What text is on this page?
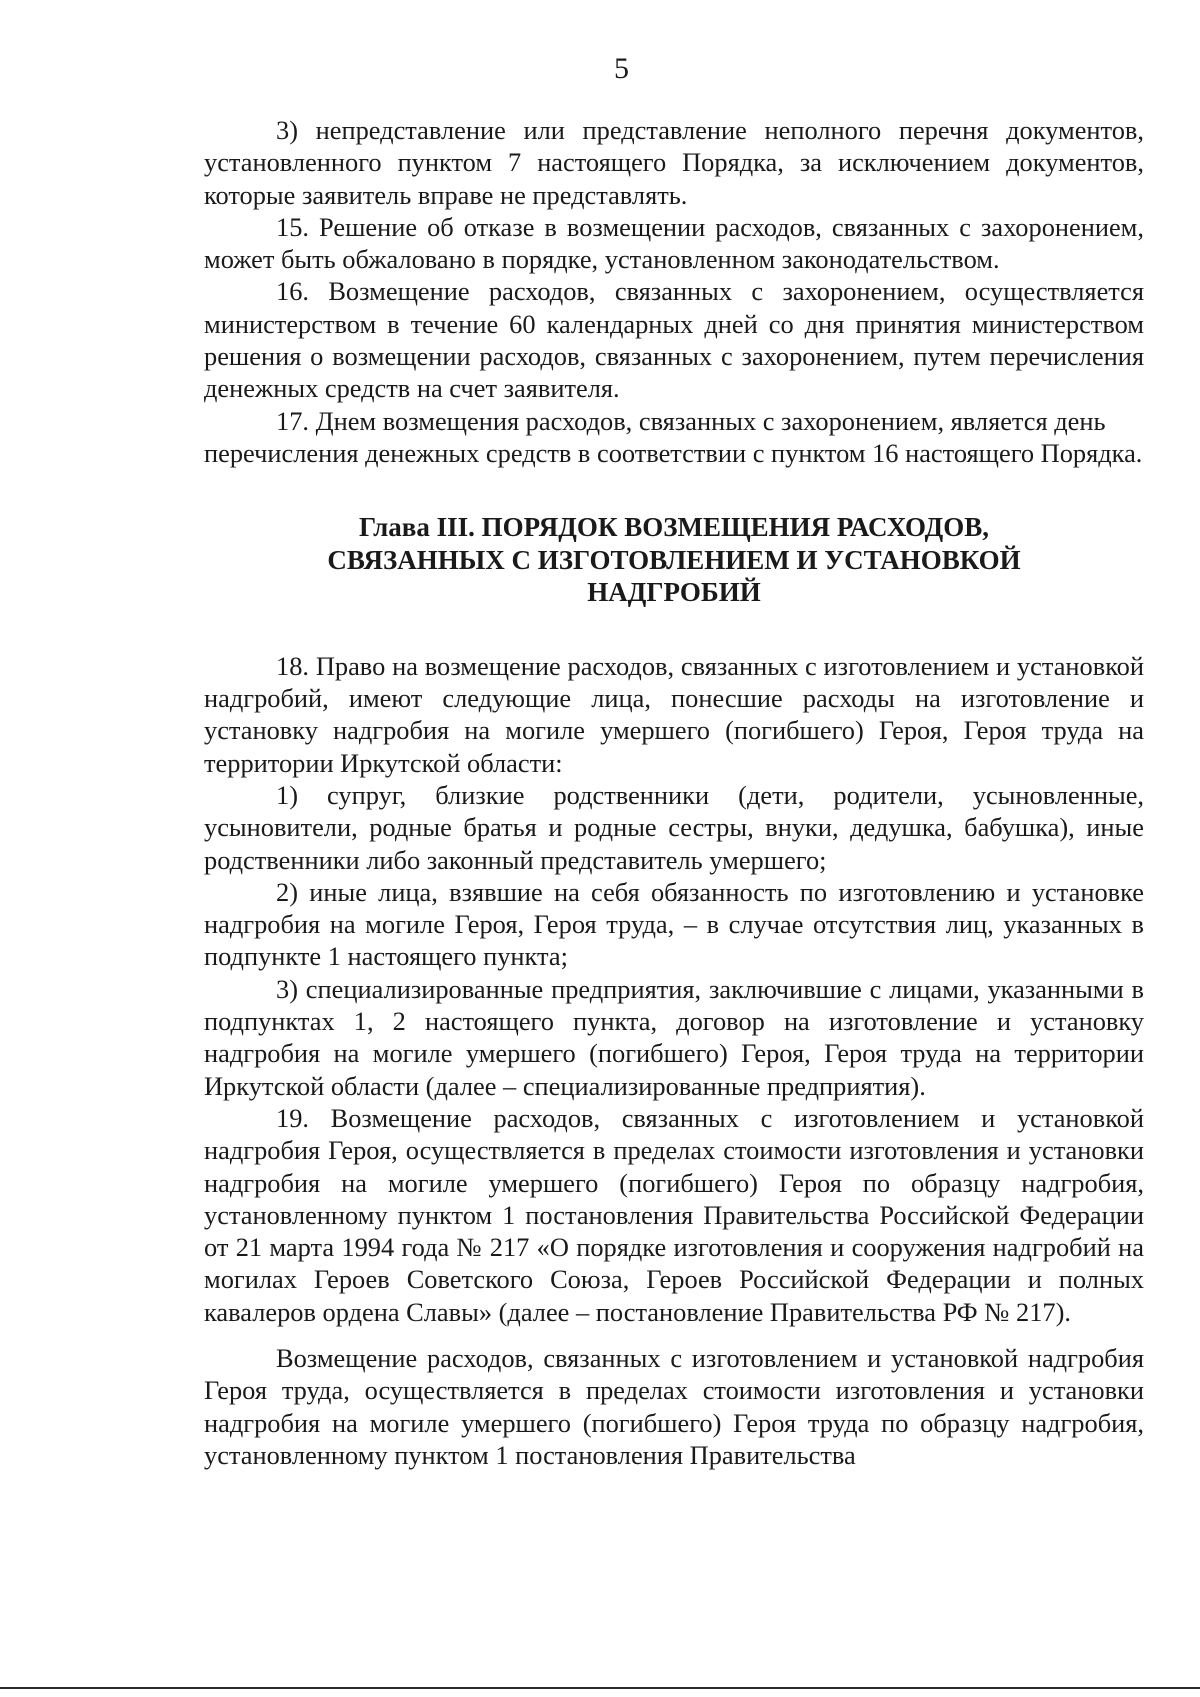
5

3) непредставление или представление неполного перечня документов, установленного пунктом 7 настоящего Порядка, за исключением документов, которые заявитель вправе не представлять.

15. Решение об отказе в возмещении расходов, связанных с захоронением, может быть обжаловано в порядке, установленном законодательством.

16. Возмещение расходов, связанных с захоронением, осуществляется министерством в течение 60 календарных дней со дня принятия министерством решения о возмещении расходов, связанных с захоронением, путем перечисления денежных средств на счет заявителя.

17. Днем возмещения расходов, связанных с захоронением, является день перечисления денежных средств в соответствии с пунктом 16 настоящего Порядка.

Глава III. ПОРЯДОК ВОЗМЕЩЕНИЯ РАСХОДОВ,
СВЯЗАННЫХ С ИЗГОТОВЛЕНИЕМ И УСТАНОВКОЙ
НАДГРОБИЙ

18. Право на возмещение расходов, связанных с изготовлением и установкой надгробий, имеют следующие лица, понесшие расходы на изготовление и установку надгробия на могиле умершего (погибшего) Героя, Героя труда на территории Иркутской области:

1) супруг, близкие родственники (дети, родители, усыновленные, усыновители, родные братья и родные сестры, внуки, дедушка, бабушка), иные родственники либо законный представитель умершего;

2) иные лица, взявшие на себя обязанность по изготовлению и установке надгробия на могиле Героя, Героя труда, – в случае отсутствия лиц, указанных в подпункте 1 настоящего пункта;

3) специализированные предприятия, заключившие с лицами, указанными в подпунктах 1, 2 настоящего пункта, договор на изготовление и установку надгробия на могиле умершего (погибшего) Героя, Героя труда на территории Иркутской области (далее – специализированные предприятия).

19. Возмещение расходов, связанных с изготовлением и установкой надгробия Героя, осуществляется в пределах стоимости изготовления и установки надгробия на могиле умершего (погибшего) Героя по образцу надгробия, установленному пунктом 1 постановления Правительства Российской Федерации от 21 марта 1994 года № 217 «О порядке изготовления и сооружения надгробий на могилах Героев Советского Союза, Героев Российской Федерации и полных кавалеров ордена Славы» (далее – постановление Правительства РФ № 217).

Возмещение расходов, связанных с изготовлением и установкой надгробия Героя труда, осуществляется в пределах стоимости изготовления и установки надгробия на могиле умершего (погибшего) Героя труда по образцу надгробия, установленному пунктом 1 постановления Правительства
